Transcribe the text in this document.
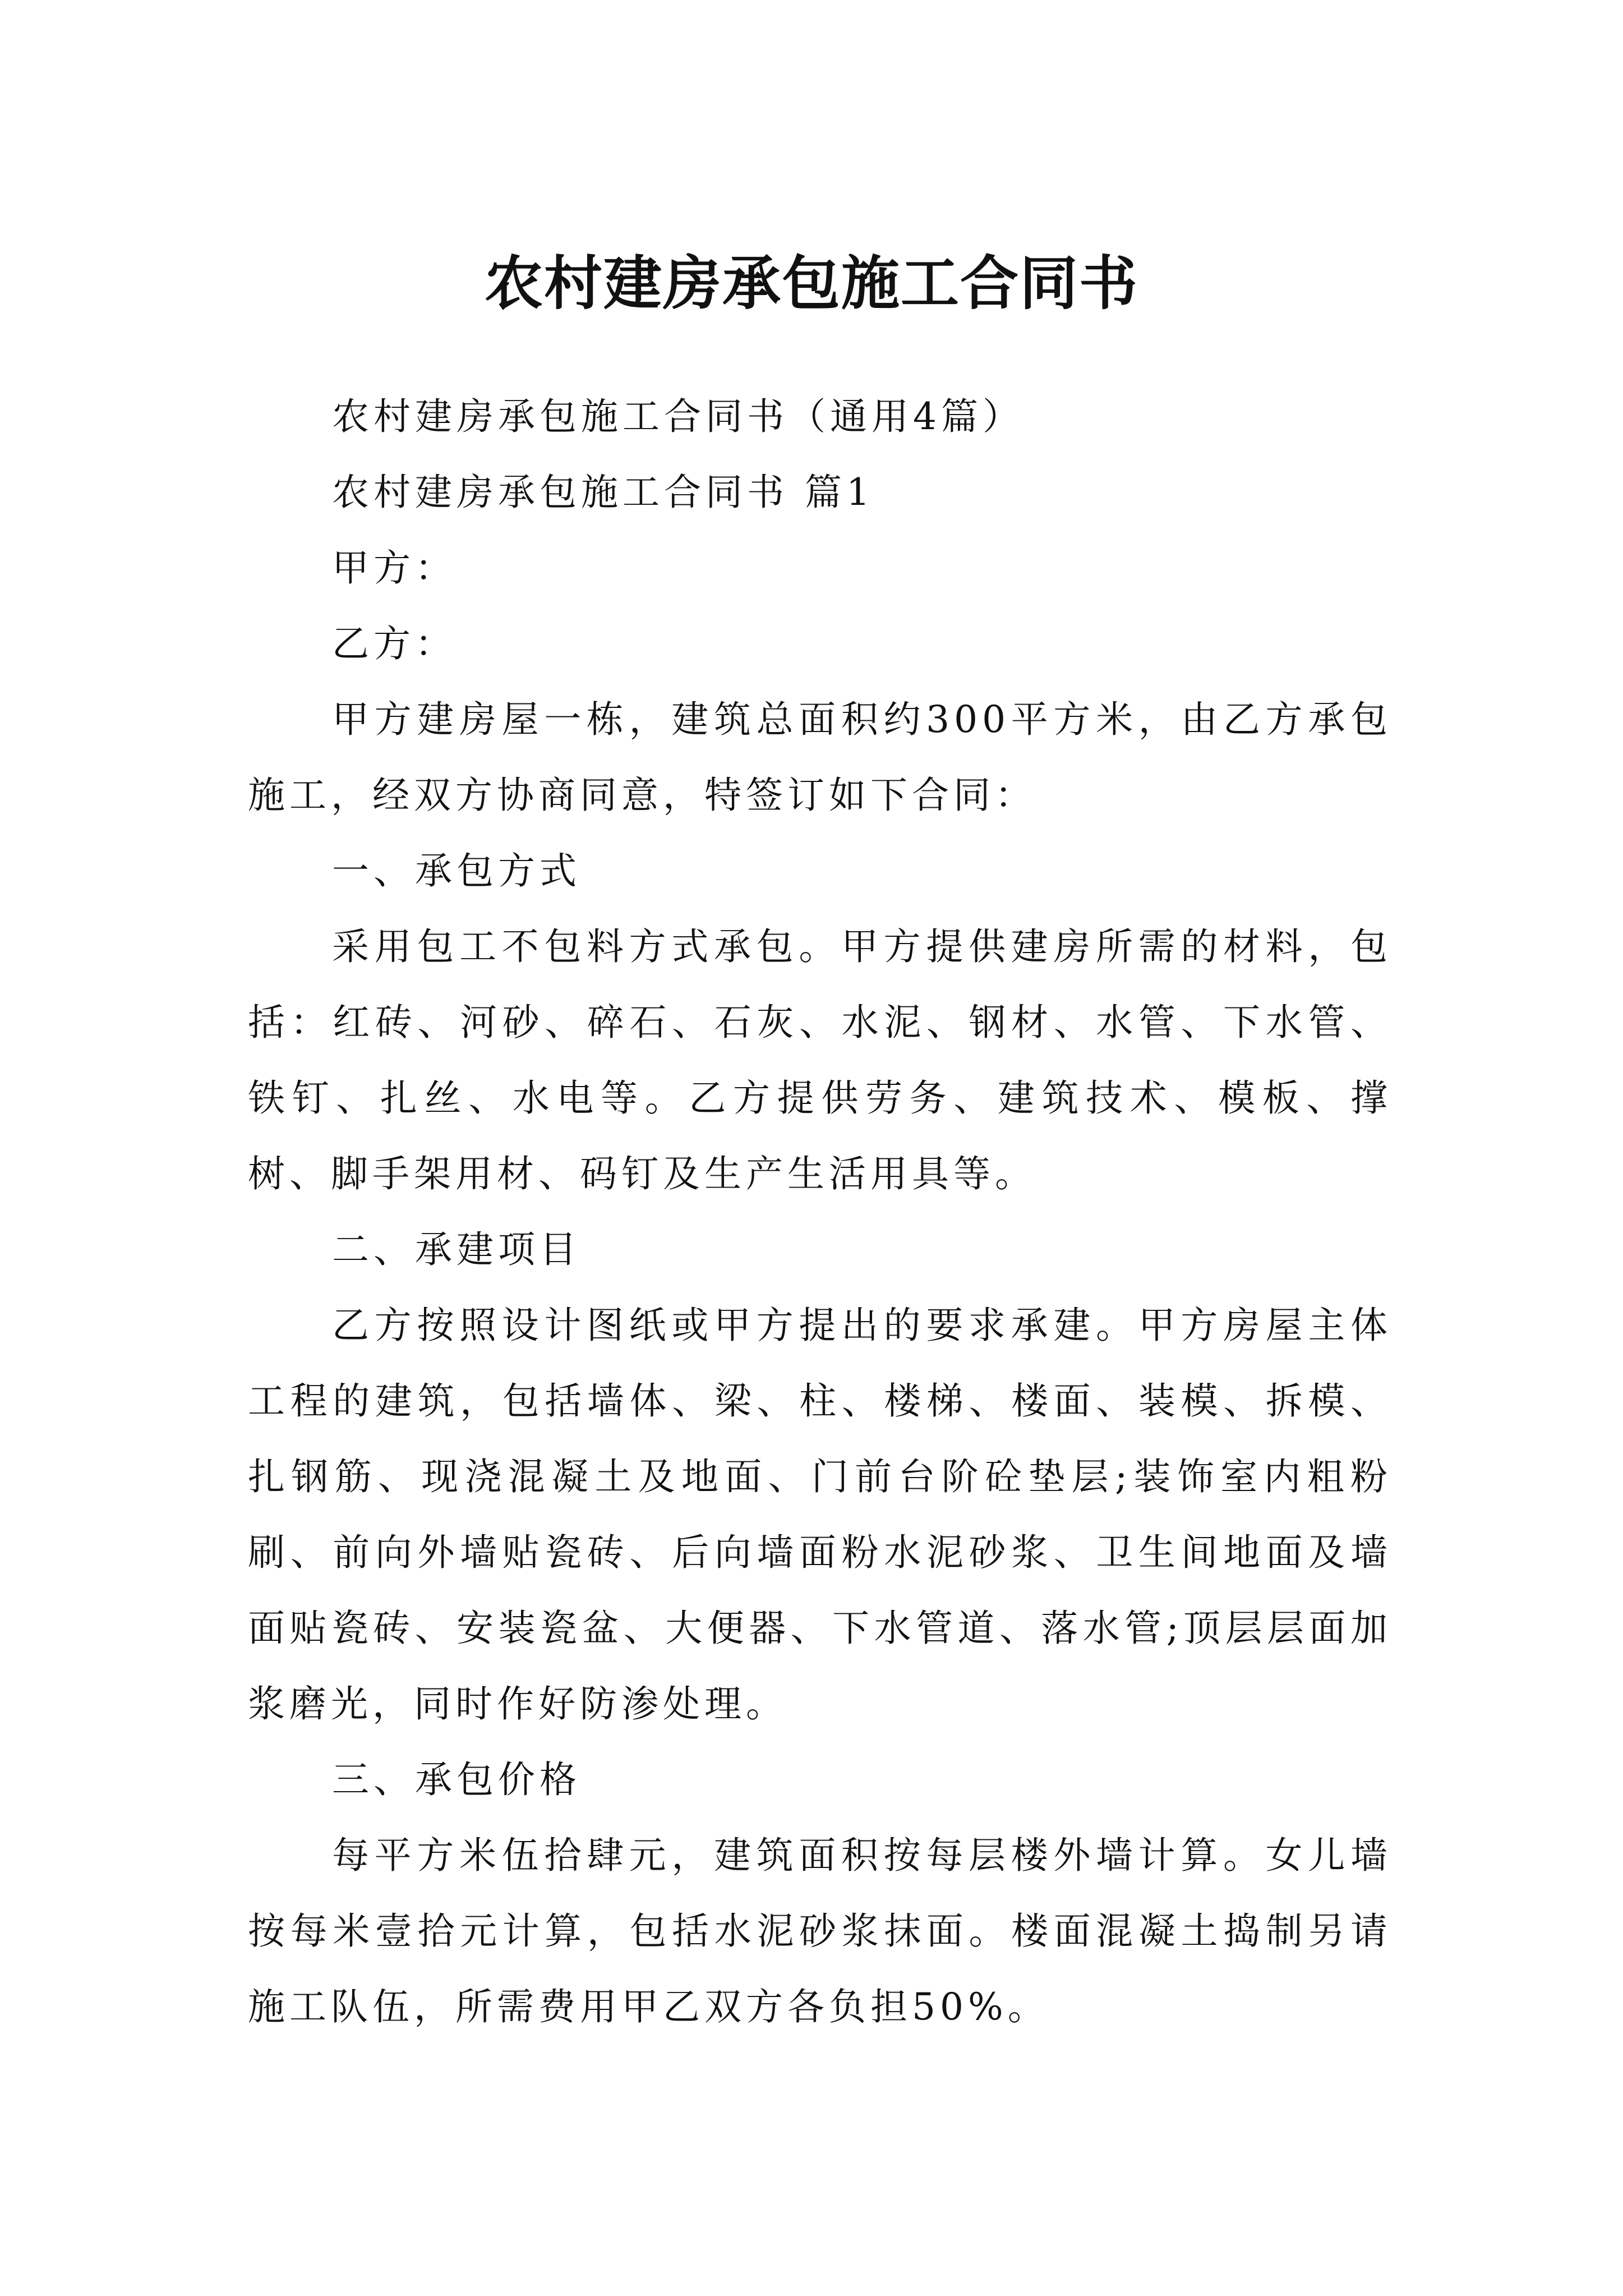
农村建房承包施工合同书

农村建房承包施工合同书（通用4篇）

农村建房承包施工合同书 篇1

甲方：

乙方：

甲方建房屋一栋，建筑总面积约300平方米，由乙方承包施工，经双方协商同意，特签订如下合同：

一、承包方式

采用包工不包料方式承包。甲方提供建房所需的材料，包括：红砖、河砂、碎石、石灰、水泥、钢材、水管、下水管、铁钉、扎丝、水电等。乙方提供劳务、建筑技术、模板、撑树、脚手架用材、码钉及生产生活用具等。

二、承建项目

乙方按照设计图纸或甲方提出的要求承建。甲方房屋主体工程的建筑，包括墙体、梁、柱、楼梯、楼面、装模、拆模、扎钢筋、现浇混凝土及地面、门前台阶砼垫层;装饰室内粗粉刷、前向外墙贴瓷砖、后向墙面粉水泥砂浆、卫生间地面及墙面贴瓷砖、安装瓷盆、大便器、下水管道、落水管;顶层层面加浆磨光，同时作好防渗处理。

三、承包价格

每平方米伍拾肆元，建筑面积按每层楼外墙计算。女儿墙按每米壹拾元计算，包括水泥砂浆抹面。楼面混凝土捣制另请施工队伍，所需费用甲乙双方各负担50%。
